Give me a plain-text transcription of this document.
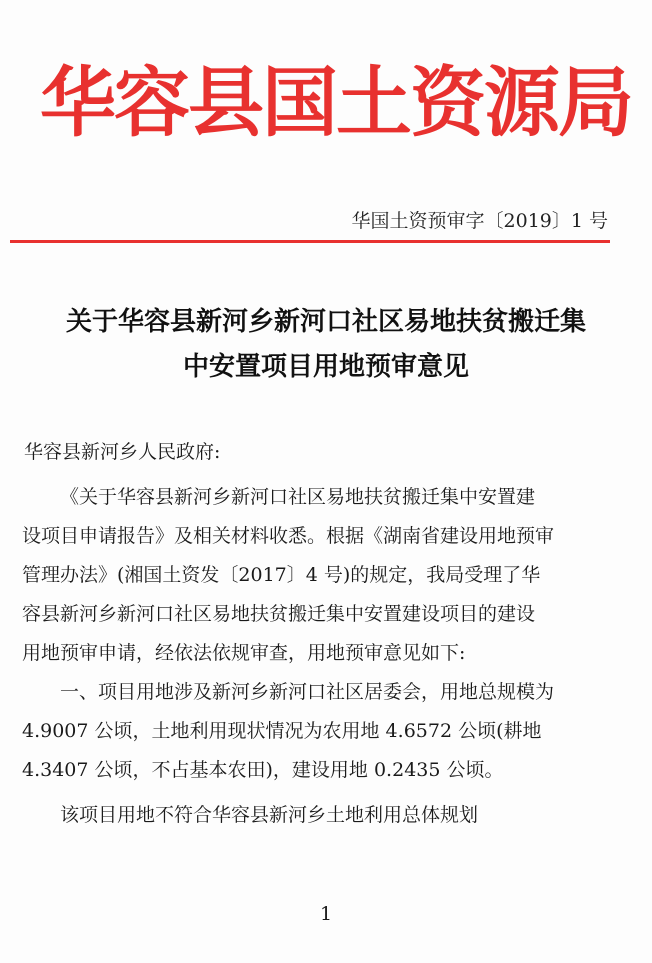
华容县国土资源局
华国土资预审字〔2019〕1 号
关于华容县新河乡新河口社区易地扶贫搬迁集
中安置项目用地预审意见
华容县新河乡人民政府:
《关于华容县新河乡新河口社区易地扶贫搬迁集中安置建
设项目申请报告》及相关材料收悉。根据《湖南省建设用地预审
管理办法》(湘国土资发〔2017〕4 号)的规定，我局受理了华
容县新河乡新河口社区易地扶贫搬迁集中安置建设项目的建设
用地预审申请，经依法依规审查，用地预审意见如下:
一、项目用地涉及新河乡新河口社区居委会，用地总规模为
4.9007 公顷，土地利用现状情况为农用地 4.6572 公顷(耕地
4.3407 公顷，不占基本农田)，建设用地 0.2435 公顷。
该项目用地不符合华容县新河乡土地利用总体规划
1
